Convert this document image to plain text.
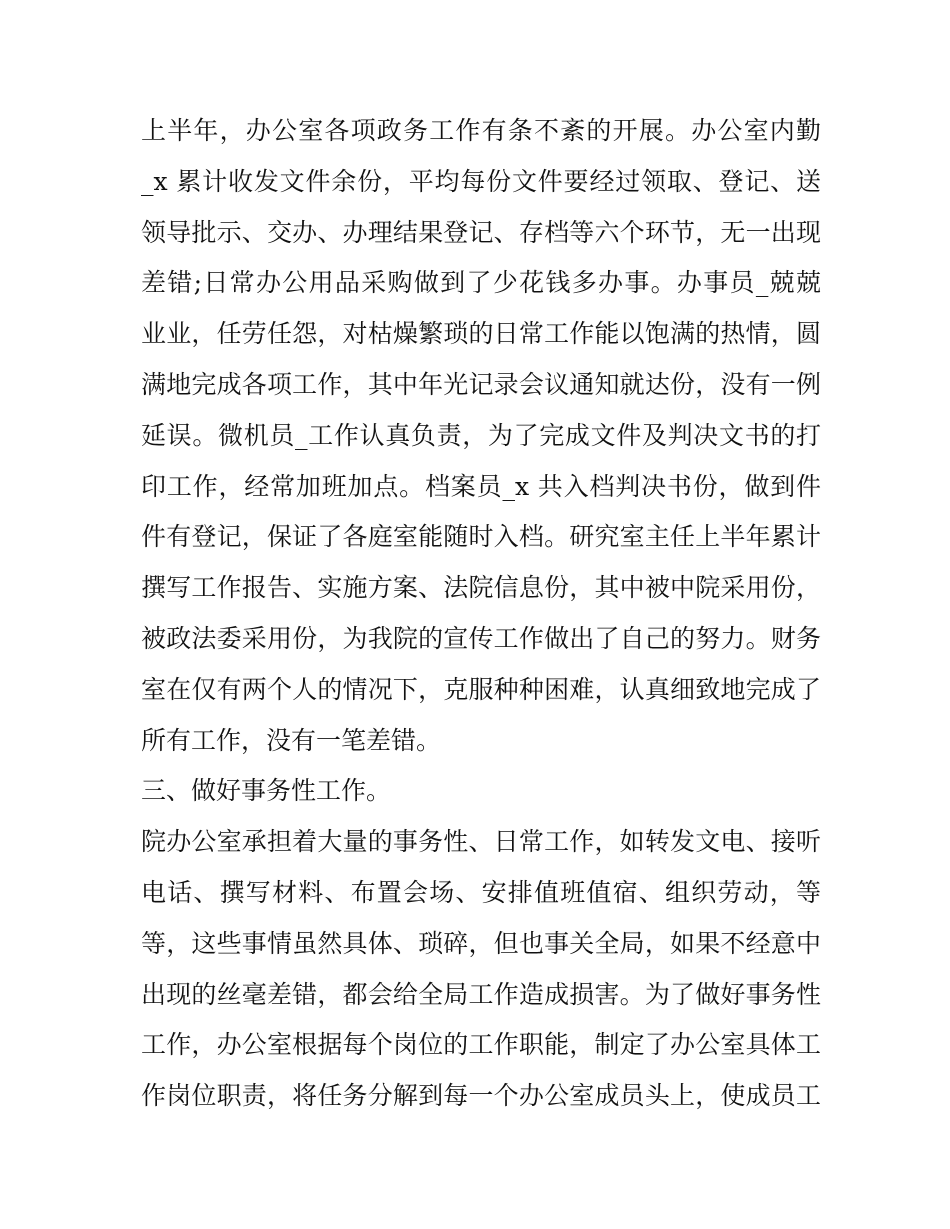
上半年，办公室各项政务工作有条不紊的开展。办公室内勤
_x 累计收发文件余份，平均每份文件要经过领取、登记、送
领导批示、交办、办理结果登记、存档等六个环节，无一出现
差错;日常办公用品采购做到了少花钱多办事。办事员_兢兢
业业，任劳任怨，对枯燥繁琐的日常工作能以饱满的热情，圆
满地完成各项工作，其中年光记录会议通知就达份，没有一例
延误。微机员_工作认真负责，为了完成文件及判决文书的打
印工作，经常加班加点。档案员_x 共入档判决书份，做到件
件有登记，保证了各庭室能随时入档。研究室主任上半年累计
撰写工作报告、实施方案、法院信息份，其中被中院采用份，
被政法委采用份，为我院的宣传工作做出了自己的努力。财务
室在仅有两个人的情况下，克服种种困难，认真细致地完成了
所有工作，没有一笔差错。
三、做好事务性工作。
院办公室承担着大量的事务性、日常工作，如转发文电、接听
电话、撰写材料、布置会场、安排值班值宿、组织劳动，等
等，这些事情虽然具体、琐碎，但也事关全局，如果不经意中
出现的丝毫差错，都会给全局工作造成损害。为了做好事务性
工作，办公室根据每个岗位的工作职能，制定了办公室具体工
作岗位职责，将任务分解到每一个办公室成员头上，使成员工
